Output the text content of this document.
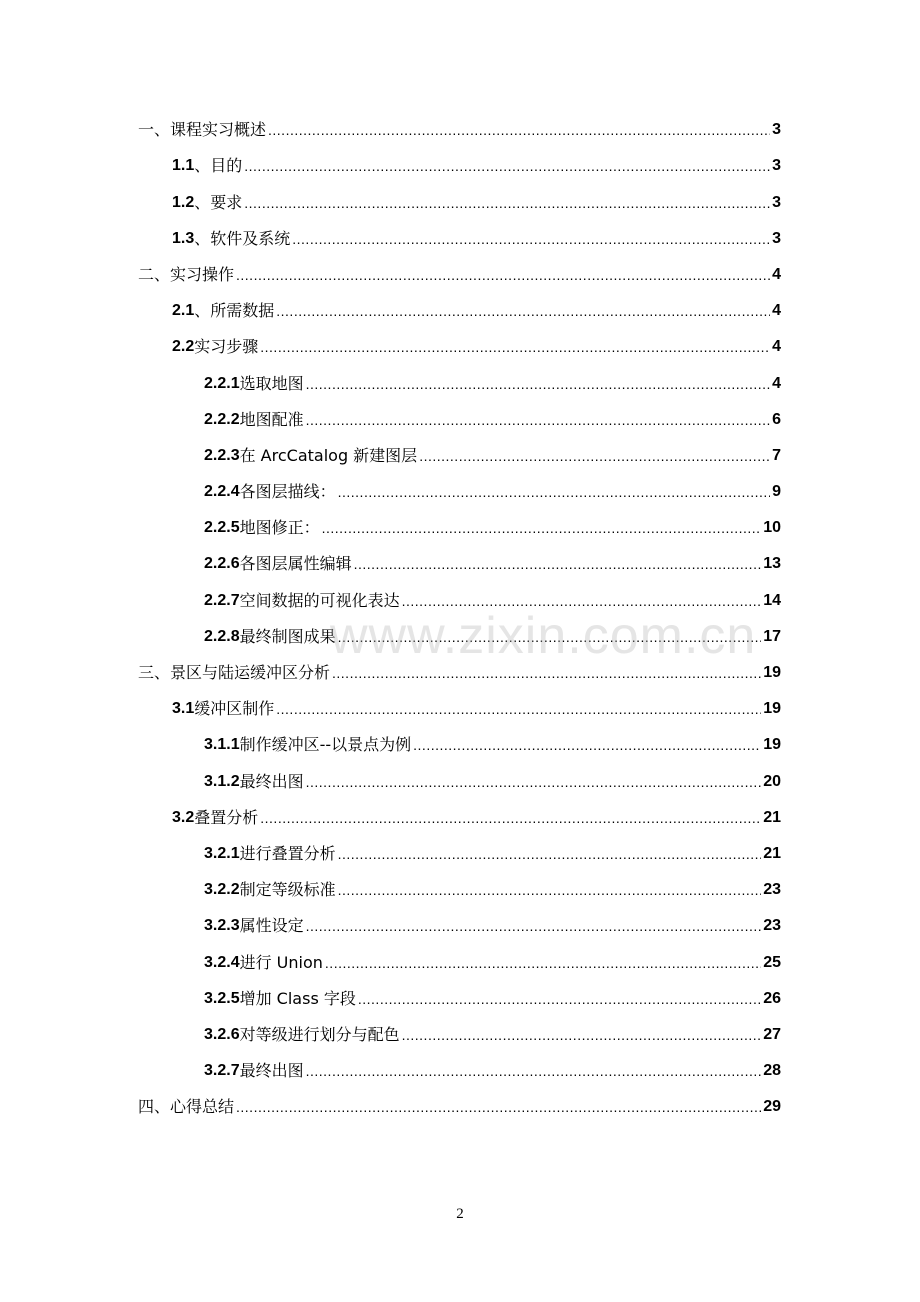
一、课程实习概述 .....	3
1.1 、目的 .....	3
1.2 、要求 .....	3
1.3 、软件及系统 .....	3
二、实习操作 .....	4
2.1 、所需数据 .....	4
2.2 实习步骤 .....	4
2.2.1 选取地图 .....	4
2.2.2 地图配准 .....	6
2.2.3 在 ArcCatalog 新建图层 .....	7
2.2.4 各图层描线： .....	9
2.2.5 地图修正： .....	10
2.2.6 各图层属性编辑 .....	13
2.2.7 空间数据的可视化表达 .....	14
2.2.8 最终制图成果 .....	17
三、景区与陆运缓冲区分析 .....	19
3.1 缓冲区制作 .....	19
3.1.1 制作缓冲区--以景点为例 .....	19
3.1.2 最终出图 .....	20
3.2 叠置分析 .....	21
3.2.1 进行叠置分析 .....	21
3.2.2 制定等级标准 .....	23
3.2.3 属性设定 .....	23
3.2.4 进行 Union .....	25
3.2.5 增加 Class 字段 .....	26
3.2.6 对等级进行划分与配色 .....	27
3.2.7 最终出图 .....	28
四、心得总结 .....	29
www.zixin.com.cn
2
